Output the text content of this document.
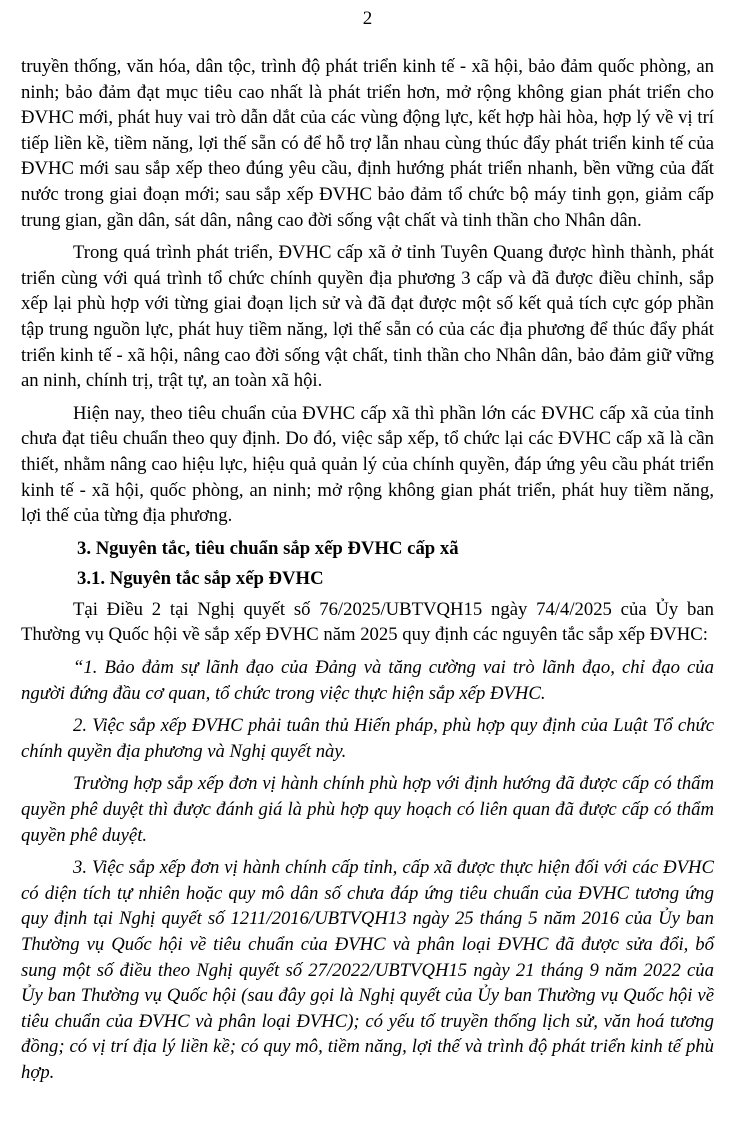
2

truyền thống, văn hóa, dân tộc, trình độ phát triển kinh tế - xã hội, bảo đảm quốc phòng, an ninh; bảo đảm đạt mục tiêu cao nhất là phát triển hơn, mở rộng không gian phát triển cho ĐVHC mới, phát huy vai trò dẫn dắt của các vùng động lực, kết hợp hài hòa, hợp lý về vị trí tiếp liền kề, tiềm năng, lợi thế sẵn có để hỗ trợ lẫn nhau cùng thúc đẩy phát triển kinh tế của ĐVHC mới sau sắp xếp theo đúng yêu cầu, định hướng phát triển nhanh, bền vững của đất nước trong giai đoạn mới; sau sắp xếp ĐVHC bảo đảm tổ chức bộ máy tinh gọn, giảm cấp trung gian, gần dân, sát dân, nâng cao đời sống vật chất và tinh thần cho Nhân dân.

Trong quá trình phát triển, ĐVHC cấp xã ở tỉnh Tuyên Quang được hình thành, phát triển cùng với quá trình tổ chức chính quyền địa phương 3 cấp và đã được điều chỉnh, sắp xếp lại phù hợp với từng giai đoạn lịch sử và đã đạt được một số kết quả tích cực góp phần tập trung nguồn lực, phát huy tiềm năng, lợi thế sẵn có của các địa phương để thúc đẩy phát triển kinh tế - xã hội, nâng cao đời sống vật chất, tinh thần cho Nhân dân, bảo đảm giữ vững an ninh, chính trị, trật tự, an toàn xã hội.

Hiện nay, theo tiêu chuẩn của ĐVHC cấp xã thì phần lớn các ĐVHC cấp xã của tỉnh chưa đạt tiêu chuẩn theo quy định. Do đó, việc sắp xếp, tổ chức lại các ĐVHC cấp xã là cần thiết, nhằm nâng cao hiệu lực, hiệu quả quản lý của chính quyền, đáp ứng yêu cầu phát triển kinh tế - xã hội, quốc phòng, an ninh; mở rộng không gian phát triển, phát huy tiềm năng, lợi thế của từng địa phương.

3. Nguyên tắc, tiêu chuẩn sắp xếp ĐVHC cấp xã

3.1. Nguyên tắc sắp xếp ĐVHC

Tại Điều 2 tại Nghị quyết số 76/2025/UBTVQH15 ngày 74/4/2025 của Ủy ban Thường vụ Quốc hội về sắp xếp ĐVHC năm 2025 quy định các nguyên tắc sắp xếp ĐVHC:

“1. Bảo đảm sự lãnh đạo của Đảng và tăng cường vai trò lãnh đạo, chỉ đạo của người đứng đầu cơ quan, tổ chức trong việc thực hiện sắp xếp ĐVHC.

2. Việc sắp xếp ĐVHC phải tuân thủ Hiến pháp, phù hợp quy định của Luật Tổ chức chính quyền địa phương và Nghị quyết này.

Trường hợp sắp xếp đơn vị hành chính phù hợp với định hướng đã được cấp có thẩm quyền phê duyệt thì được đánh giá là phù hợp quy hoạch có liên quan đã được cấp có thẩm quyền phê duyệt.

3. Việc sắp xếp đơn vị hành chính cấp tỉnh, cấp xã được thực hiện đối với các ĐVHC có diện tích tự nhiên hoặc quy mô dân số chưa đáp ứng tiêu chuẩn của ĐVHC tương ứng quy định tại Nghị quyết số 1211/2016/UBTVQH13 ngày 25 tháng 5 năm 2016 của Ủy ban Thường vụ Quốc hội về tiêu chuẩn của ĐVHC và phân loại ĐVHC đã được sửa đổi, bổ sung một số điều theo Nghị quyết số 27/2022/UBTVQH15 ngày 21 tháng 9 năm 2022 của Ủy ban Thường vụ Quốc hội (sau đây gọi là Nghị quyết của Ủy ban Thường vụ Quốc hội về tiêu chuẩn của ĐVHC và phân loại ĐVHC); có yếu tố truyền thống lịch sử, văn hoá tương đồng; có vị trí địa lý liền kề; có quy mô, tiềm năng, lợi thế và trình độ phát triển kinh tế phù hợp.
